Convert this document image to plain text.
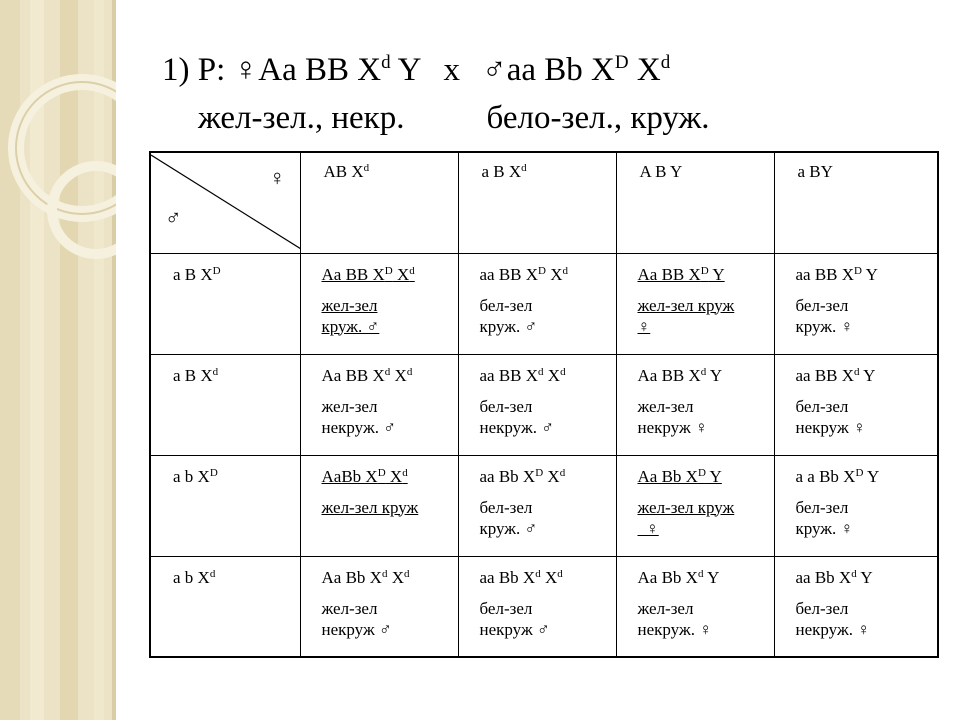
1) P: ♀Aa BB $X^d$ Y x ♂aa Bb $X^D$ $X^d$
жел-зел., некр. бело-зел., круж.
♀
♂	AB $X^d$	a B $X^d$	A B Y	a BY

a B $X^D$	Aa BB $X^D$ $X^d$
жел-зел
круж. ♂	aa BB $X^D$ $X^d$
бел-зел
круж. ♂	Aa BB $X^D$ Y
жел-зел круж
♀	aa BB $X^D$ Y
бел-зел
круж. ♀

a B $X^d$	Aa BB $X^d$ $X^d$
жел-зел
некруж. ♂	aa BB $X^d$ $X^d$
бел-зел
некруж. ♂	Aa BB $X^d$ Y
жел-зел
некруж ♀	aa BB $X^d$ Y
бел-зел
некруж ♀

a b $X^D$	AaBb $X^D$ $X^d$
жел-зел круж	aa Bb $X^D$ $X^d$
бел-зел
круж. ♂	Aa Bb $X^D$ Y
жел-зел круж
♀	a a Bb $X^D$ Y
бел-зел
круж. ♀

a b $X^d$	Aa Bb $X^d$ $X^d$
жел-зел
некруж ♂	aa Bb $X^d$ $X^d$
бел-зел
некруж ♂	Aa Bb $X^d$ Y
жел-зел
некруж. ♀	aa Bb $X^d$ Y
бел-зел
некруж. ♀
